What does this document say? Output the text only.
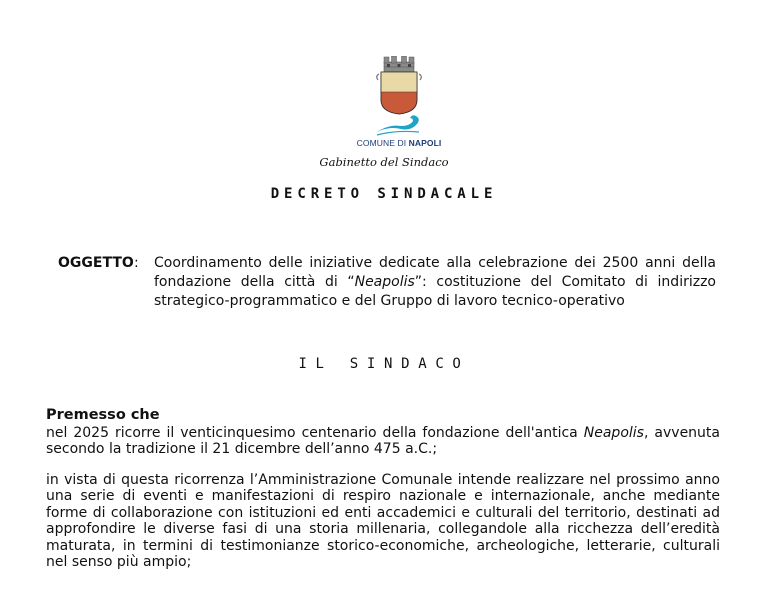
COMUNE DI NAPOLI
Gabinetto del Sindaco
DECRETO SINDACALE
OGGETTO : Coordinamento delle iniziative dedicate alla celebrazione dei 2500 anni della fondazione della città di “Neapolis”: costituzione del Comitato di indirizzo strategico-programmatico e del Gruppo di lavoro tecnico-operativo
IL SINDACO
Premesso che

nel 2025 ricorre il venticinquesimo centenario della fondazione dell'antica Neapolis, avvenuta secondo la tradizione il 21 dicembre dell’anno 475 a.C.;

in vista di questa ricorrenza l’Amministrazione Comunale intende realizzare nel prossimo anno una serie di eventi e manifestazioni di respiro nazionale e internazionale, anche mediante forme di collaborazione con istituzioni ed enti accademici e culturali del territorio, destinati ad approfondire le diverse fasi di una storia millenaria, collegandole alla ricchezza dell’eredità maturata, in termini di testimonianze storico-economiche, archeologiche, letterarie, culturali nel senso più ampio;
